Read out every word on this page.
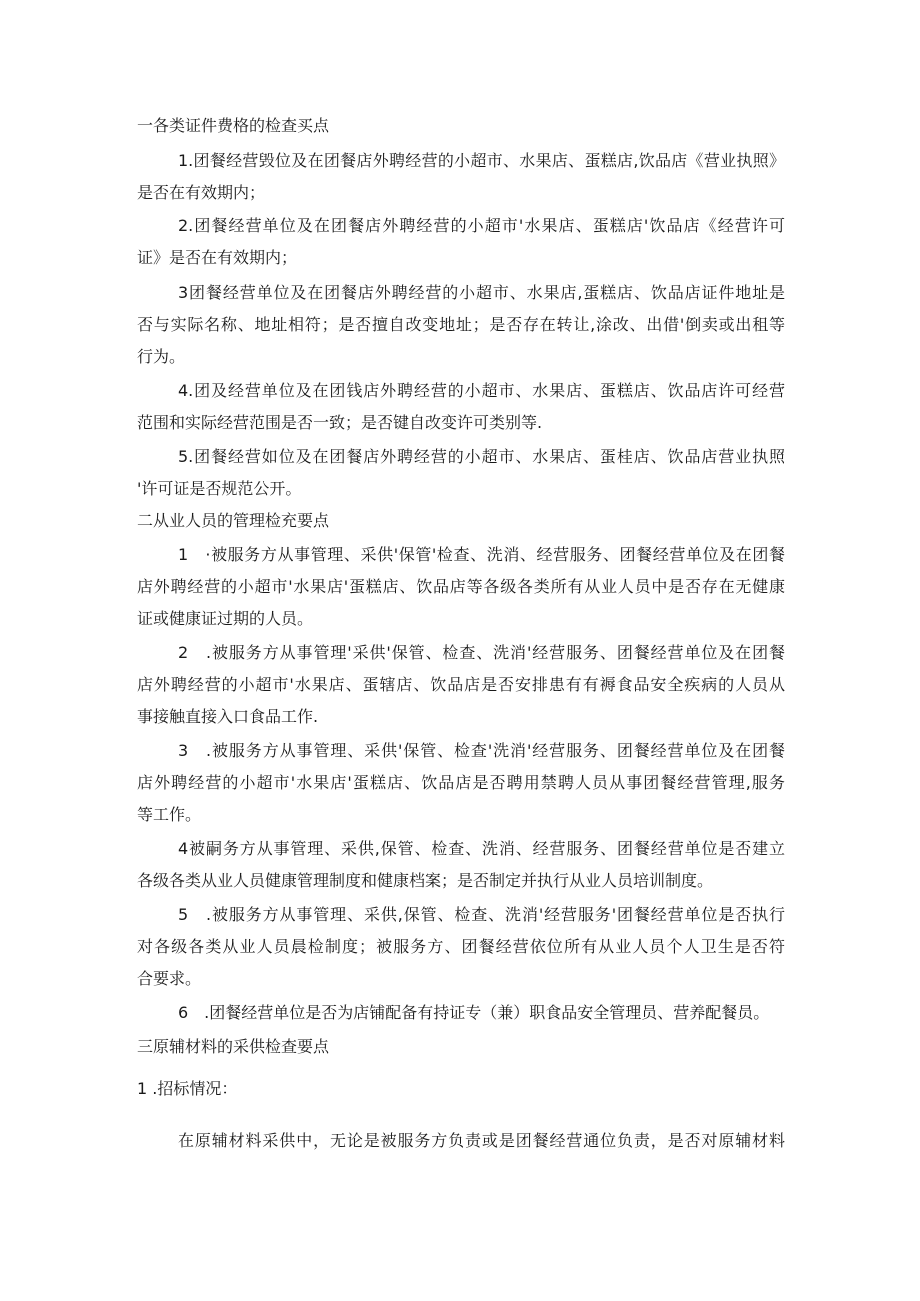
一各类证件费格的检查买点
1.团餐经营毁位及在团餐店外聘经营的小超市、水果店、蛋糕店,饮品店《营业执照》
是否在有效期内；
2.团餐经营单位及在团餐店外聘经营的小超市'水果店、蛋糕店'饮品店《经营许可
证》是否在有效期内；
3团餐经营单位及在团餐店外聘经营的小超市、水果店,蛋糕店、饮品店证件地址是
否与实际名称、地址相符；是否擅自改变地址；是否存在转让,涂改、出借'倒卖或出租等
行为。
4.团及经营单位及在团钱店外聘经营的小超市、水果店、蛋糕店、饮品店许可经营
范围和实际经营范围是否一致；是否键自改变许可类别等.
5.团餐经营如位及在团餐店外聘经营的小超市、水果店、蛋桂店、饮品店营业执照
'许可证是否规范公开。
二从业人员的管理检充要点
1　·被服务方从事管理、采供'保管'检查、洗消、经营服务、团餐经营单位及在团餐
店外聘经营的小超市'水果店'蛋糕店、饮品店等各级各类所有从业人员中是否存在无健康
证或健康证过期的人员。
2　.被服务方从事管理'采供'保管、检查、洗消'经营服务、团餐经营单位及在团餐
店外聘经营的小超市'水果店、蛋辖店、饮品店是否安排患有有褥食品安全疾病的人员从
事接触直接入口食品工作.
3　.被服务方从事管理、采供'保管、检查'洗消'经营服务、团餐经营单位及在团餐
店外聘经营的小超市'水果店'蛋糕店、饮品店是否聘用禁聘人员从事团餐经营管理,服务
等工作。
4被嗣务方从事管理、采供,保管、检查、洗消、经营服务、团餐经营单位是否建立
各级各类从业人员健康管理制度和健康档案；是否制定并执行从业人员培训制度。
5　.被服务方从事管理、采供,保管、检查、洗消'经营服务'团餐经营单位是否执行
对各级各类从业人员晨检制度；被服务方、团餐经营依位所有从业人员个人卫生是否符
合要求。
6　.团餐经营单位是否为店铺配备有持证专（兼）职食品安全管理员、营养配餐员。
三原辅材料的采供检查要点
1 .招标情况：
在原辅材料采供中，无论是被服务方负责或是团餐经营通位负责，是否对原辅材料
